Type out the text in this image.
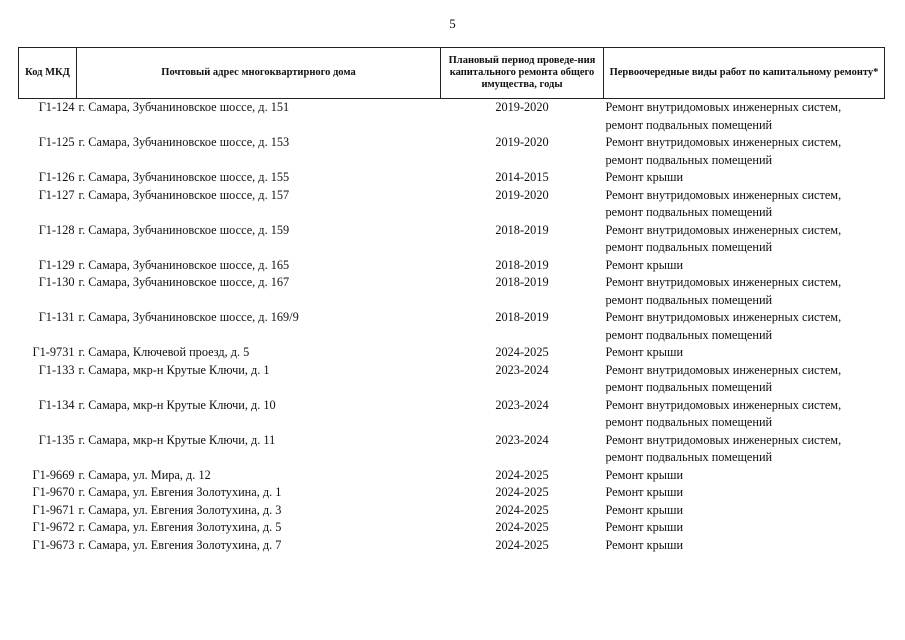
5
Код МКД	Почтовый адрес многоквартирного дома	Плановый период проведе-ния капитального ремонта общего имущества, годы	Первоочередные виды работ по капитальному ремонту*
Г1-124	г. Самара, Зубчаниновское шоссе, д. 151	2019-2020	Ремонт внутридомовых инженерных систем,
ремонт подвальных помещений

Г1-125	г. Самара, Зубчаниновское шоссе, д. 153	2019-2020	Ремонт внутридомовых инженерных систем,
ремонт подвальных помещений

Г1-126	г. Самара, Зубчаниновское шоссе, д. 155	2014-2015	Ремонт крыши

Г1-127	г. Самара, Зубчаниновское шоссе, д. 157	2019-2020	Ремонт внутридомовых инженерных систем,
ремонт подвальных помещений

Г1-128	г. Самара, Зубчаниновское шоссе, д. 159	2018-2019	Ремонт внутридомовых инженерных систем,
ремонт подвальных помещений

Г1-129	г. Самара, Зубчаниновское шоссе, д. 165	2018-2019	Ремонт крыши

Г1-130	г. Самара, Зубчаниновское шоссе, д. 167	2018-2019	Ремонт внутридомовых инженерных систем,
ремонт подвальных помещений

Г1-131	г. Самара, Зубчаниновское шоссе, д. 169/9	2018-2019	Ремонт внутридомовых инженерных систем,
ремонт подвальных помещений

Г1-9731	г. Самара, Ключевой проезд, д. 5	2024-2025	Ремонт крыши

Г1-133	г. Самара, мкр-н Крутые Ключи, д. 1	2023-2024	Ремонт внутридомовых инженерных систем,
ремонт подвальных помещений

Г1-134	г. Самара, мкр-н Крутые Ключи, д. 10	2023-2024	Ремонт внутридомовых инженерных систем,
ремонт подвальных помещений

Г1-135	г. Самара, мкр-н Крутые Ключи, д. 11	2023-2024	Ремонт внутридомовых инженерных систем,
ремонт подвальных помещений

Г1-9669	г. Самара, ул. Мира, д. 12	2024-2025	Ремонт крыши

Г1-9670	г. Самара, ул. Евгения Золотухина, д. 1	2024-2025	Ремонт крыши

Г1-9671	г. Самара, ул. Евгения Золотухина, д. 3	2024-2025	Ремонт крыши

Г1-9672	г. Самара, ул. Евгения Золотухина, д. 5	2024-2025	Ремонт крыши

Г1-9673	г. Самара, ул. Евгения Золотухина, д. 7	2024-2025	Ремонт крыши
